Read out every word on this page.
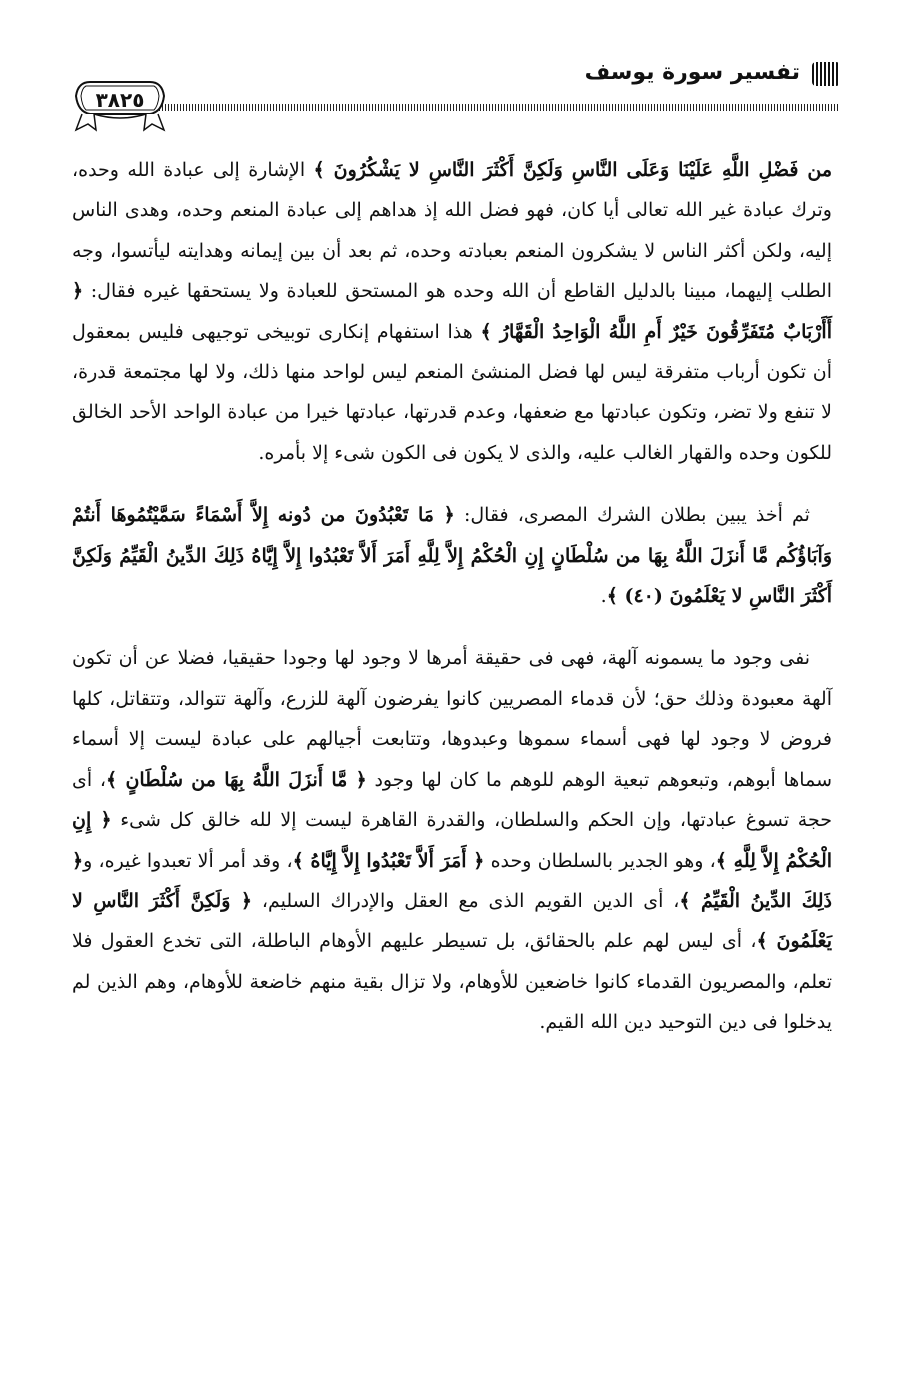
تفسير سورة يوسف
٣٨٢٥

من فَضْلِ اللَّهِ عَلَيْنَا وَعَلَى النَّاسِ وَلَكِنَّ أَكْثَرَ النَّاسِ لا يَشْكُرُونَ ﴾ الإشارة إلى عبادة الله وحده، وترك عبادة غير الله تعالى أيا كان، فهو فضل الله إذ هداهم إلى عبادة المنعم وحده، وهدى الناس إليه، ولكن أكثر الناس لا يشكرون المنعم بعبادته وحده، ثم بعد أن بين إيمانه وهدايته ليأتسوا، وجه الطلب إليهما، مبينا بالدليل القاطع أن الله وحده هو المستحق للعبادة ولا يستحقها غيره فقال: ﴿ أَأَرْبَابٌ مُتَفَرِّقُونَ خَيْرٌ أَمِ اللَّهُ الْوَاحِدُ الْقَهَّارُ ﴾ هذا استفهام إنكارى توبيخى توجيهى فليس بمعقول أن تكون أرباب متفرقة ليس لها فضل المنشئ المنعم ليس لواحد منها ذلك، ولا لها مجتمعة قدرة، لا تنفع ولا تضر، وتكون عبادتها مع ضعفها، وعدم قدرتها، عبادتها خيرا من عبادة الواحد الأحد الخالق للكون وحده والقهار الغالب عليه، والذى لا يكون فى الكون شىء إلا بأمره.

ثم أخذ يبين بطلان الشرك المصرى، فقال: ﴿ مَا تَعْبُدُونَ من دُونه إِلاَّ أَسْمَاءً سَمَّيْتُمُوهَا أَنتُمْ وَآبَاؤُكُم مَّا أَنزَلَ اللَّهُ بِهَا من سُلْطَانٍ إِنِ الْحُكْمُ إِلاَّ لِلَّهِ أَمَرَ أَلاَّ تَعْبُدُوا إِلاَّ إِيَّاهُ ذَلِكَ الدِّينُ الْقَيِّمُ وَلَكِنَّ أَكْثَرَ النَّاسِ لا يَعْلَمُونَ (٤٠) ﴾.

نفى وجود ما يسمونه آلهة، فهى فى حقيقة أمرها لا وجود لها وجودا حقيقيا، فضلا عن أن تكون آلهة معبودة وذلك حق؛ لأن قدماء المصريين كانوا يفرضون آلهة للزرع، وآلهة تتوالد، وتتقاتل، كلها فروض لا وجود لها فهى أسماء سموها وعبدوها، وتتابعت أجيالهم على عبادة ليست إلا أسماء سماها أبوهم، وتبعوهم تبعية الوهم للوهم ما كان لها وجود ﴿ مَّا أَنزَلَ اللَّهُ بِهَا من سُلْطَانٍ ﴾، أى حجة تسوغ عبادتها، وإن الحكم والسلطان، والقدرة القاهرة ليست إلا لله خالق كل شىء ﴿ إِنِ الْحُكْمُ إِلاَّ لِلَّهِ ﴾، وهو الجدير بالسلطان وحده ﴿ أَمَرَ أَلاَّ تَعْبُدُوا إِلاَّ إِيَّاهُ ﴾، وقد أمر ألا تعبدوا غيره، و﴿ ذَلِكَ الدِّينُ الْقَيِّمُ ﴾، أى الدين القويم الذى مع العقل والإدراك السليم، ﴿ وَلَكِنَّ أَكْثَرَ النَّاسِ لا يَعْلَمُونَ ﴾، أى ليس لهم علم بالحقائق، بل تسيطر عليهم الأوهام الباطلة، التى تخدع العقول فلا تعلم، والمصريون القدماء كانوا خاضعين للأوهام، ولا تزال بقية منهم خاضعة للأوهام، وهم الذين لم يدخلوا فى دين التوحيد دين الله القيم.
